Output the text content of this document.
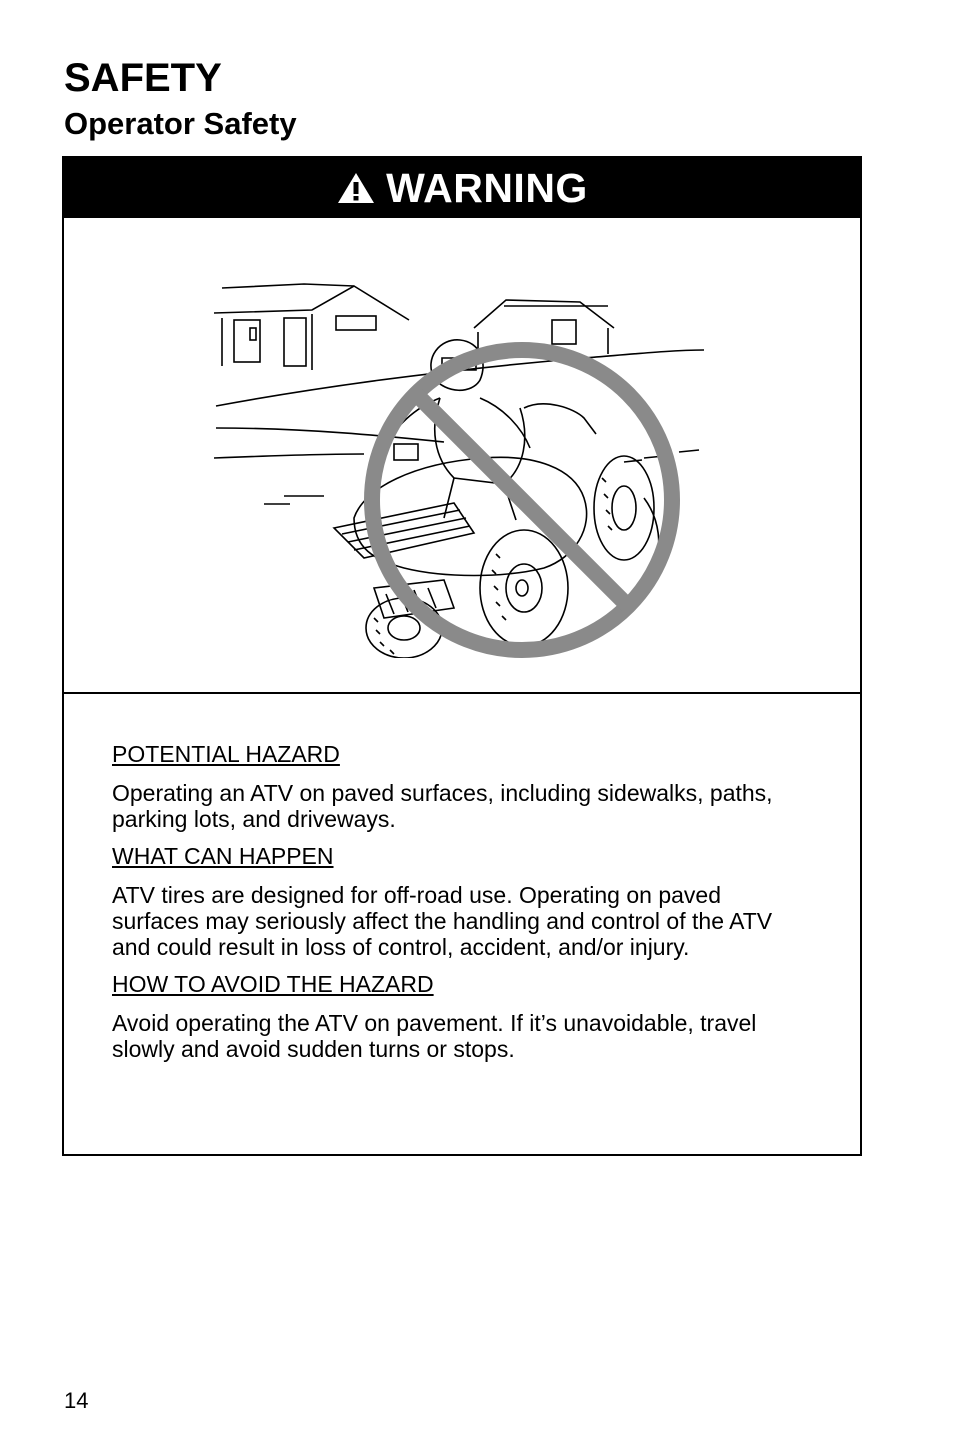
SAFETY
Operator Safety
WARNING

POTENTIAL HAZARD

Operating an ATV on paved surfaces, including sidewalks, paths, parking lots, and driveways.

WHAT CAN HAPPEN

ATV tires are designed for off-road use. Operating on paved surfaces may seriously affect the handling and control of the ATV and could result in loss of control, accident, and/or injury.

HOW TO AVOID THE HAZARD

Avoid operating the ATV on pavement. If it’s unavoidable, travel slowly and avoid sudden turns or stops.

14
